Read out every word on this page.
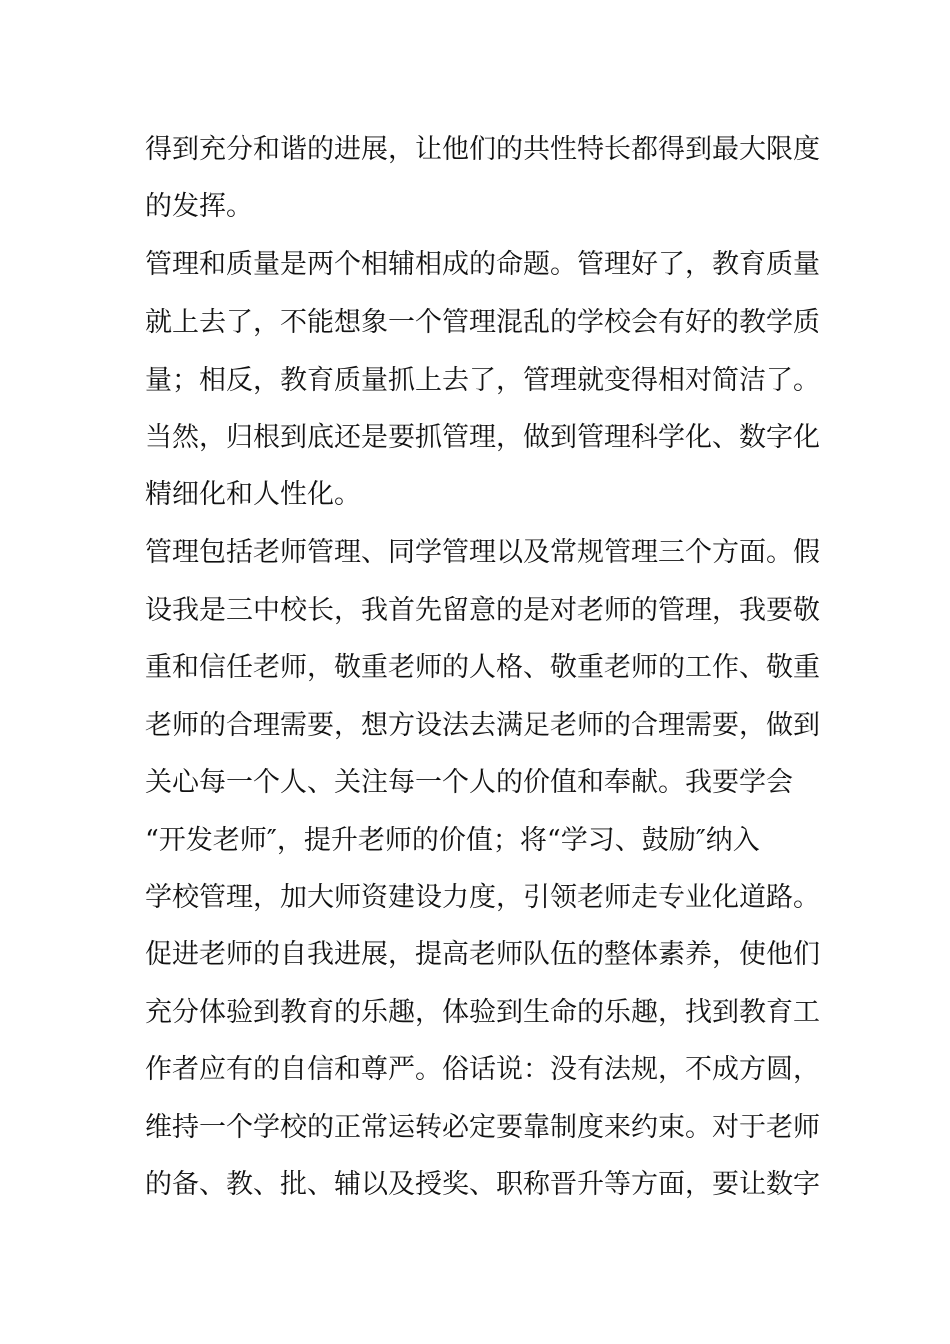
得到充分和谐的进展，让他们的共性特长都得到最大限度
的发挥。
管理和质量是两个相辅相成的命题。管理好了，教育质量
就上去了，不能想象一个管理混乱的学校会有好的教学质
量；相反，教育质量抓上去了，管理就变得相对简洁了。
当然，归根到底还是要抓管理，做到管理科学化、数字化
精细化和人性化。
管理包括老师管理、同学管理以及常规管理三个方面。假
设我是三中校长，我首先留意的是对老师的管理，我要敬
重和信任老师，敬重老师的人格、敬重老师的工作、敬重
老师的合理需要，想方设法去满足老师的合理需要，做到
关心每一个人、关注每一个人的价值和奉献。我要学会
“开发老师″，提升老师的价值；将“学习、鼓励″纳入
学校管理，加大师资建设力度，引领老师走专业化道路。
促进老师的自我进展，提高老师队伍的整体素养，使他们
充分体验到教育的乐趣，体验到生命的乐趣，找到教育工
作者应有的自信和尊严。俗话说：没有法规，不成方圆，
维持一个学校的正常运转必定要靠制度来约束。对于老师
的备、教、批、辅以及授奖、职称晋升等方面，要让数字
